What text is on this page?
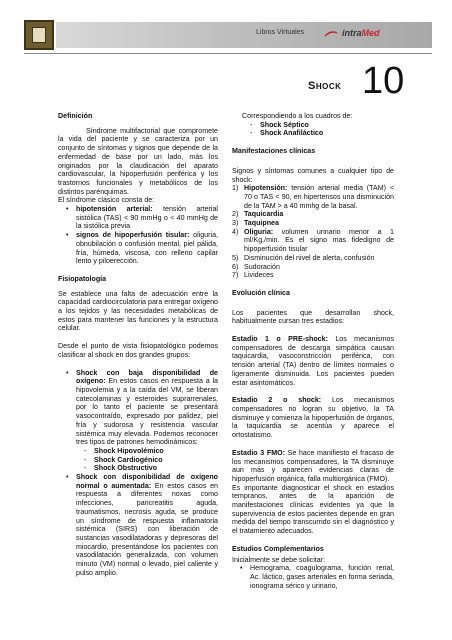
Libros Virtuales	intraMed
SHOCK 10
Definición
Síndrome multifactorial que compromete la vida del paciente y se caracteriza por un conjunto de síntomas y signos que depende de la enfermedad de base por un lado, más los originados por la claudicación del aparato cardiovascular, la hipoperfusión periférica y los trastornos funcionales y metabólicos de los distintos parénquimas.
El síndrome clásico consta de:
• hipotensión arterial: tensión arterial sistólica (TAS) < 90 mmHg o < 40 mmHg de la sistólica previa
• signos de hipoperfusión tisular: oliguria, obnubilación o confusión mental, piel pálida, fría, húmeda, viscosa, con relleno capilar lento y piloerección.
Fisiopatología
Se establece una falta de adecuación entre la capacidad cardiocirculatoria para entregar oxígeno a los tejidos y las necesidades metabólicas de estos para mantener las funciones y la estructura celular.
Desde el punto de vista fisiopatológico podemos clasificar al shock en dos grandes grupos:
• Shock con baja disponibilidad de oxígeno: En estos casos en respuesta a la hipovolemia y a la caída del VM, se liberan catecolaminas y esteroides suprarrenales, por lo tanto el paciente se presentará vasocontraído, expresado por palidez, piel fría y sudorosa y resistencia vascular sistémica muy elevada. Podemos reconocer tres tipos de patrones hemodinámicos:
- Shock Hipovolémico
- Shock Cardiogénico
- Shock Obstructivo
• Shock con disponibilidad de oxígeno normal o aumentada: En estos casos en respuesta a diferentes noxas como infecciones, pancreatitis aguda, traumatismos, necrosis aguda, se produce un síndrome de respuesta inflamatoria sistémica (SIRS) con liberación de sustancias vasodilatadoras y depresoras del miocardio, presentándose los pacientes con vasodilatación generalizada, con volumen minuto (VM) normal o levado, piel caliente y pulso amplio.
Correspondiendo a los cuadros de:
- Shock Séptico
- Shock Anafiláctico
Manifestaciones clínicas
Signos y síntomas comunes a cualquier tipo de shock:
1) Hipotensión: tensión arterial media (TAM) < 70 o TAS < 90, en hipertensos una disminución de la TAM > a 40 mmhg de la basal.
2) Taquicardia
3) Taquipnea
4) Oliguria: volumen urinario menor a 1 ml/Kg./min. Es el signo mas fidedigno de hipoperfusión tisular
5) Disminución del nivel de alerta, confusión
6) Sudoración
7) Livideces
Evolución clínica
Los pacientes que desarrollan shock, habitualmente cursan tres estadios:
Estadio 1 o PRE-shock: Los mecanismos compensadores de descarga simpática causan taquicardia, vasoconstricción periférica, con tensión arterial (TA) dentro de límites normales o ligeramente disminuida. Los pacientes pueden estar asintomáticos.
Estadio 2 o shock: Los mecanismos compensadores no logran su objetivo, la TA disminuye y comienza la hipoperfusión de órganos, la taquicardia se acentúa y aparece el ortostatismo.
Estadio 3 FMO: Se hace manifiesto el fracaso de los mecanismos compensadores, la TA disminuye aun más y aparecen evidencias claras de hipoperfusión orgánica, falla multiorgánica (FMO).
Es importante diagnosticar el shock en estadios tempranos, antes de la aparición de manifestaciones clínicas evidentes ya que la supervivencia de estos pacientes depende en gran medida del tiempo transcurrido sin el diagnóstico y el tratamiento adecuados.
Estudios Complementarios
Inicialmente se debe solicitar:
• Hemograma, coagulograma, función renal, Ac. láctico, gases arteriales en forma seriada, ionograma sérico y urinario,
